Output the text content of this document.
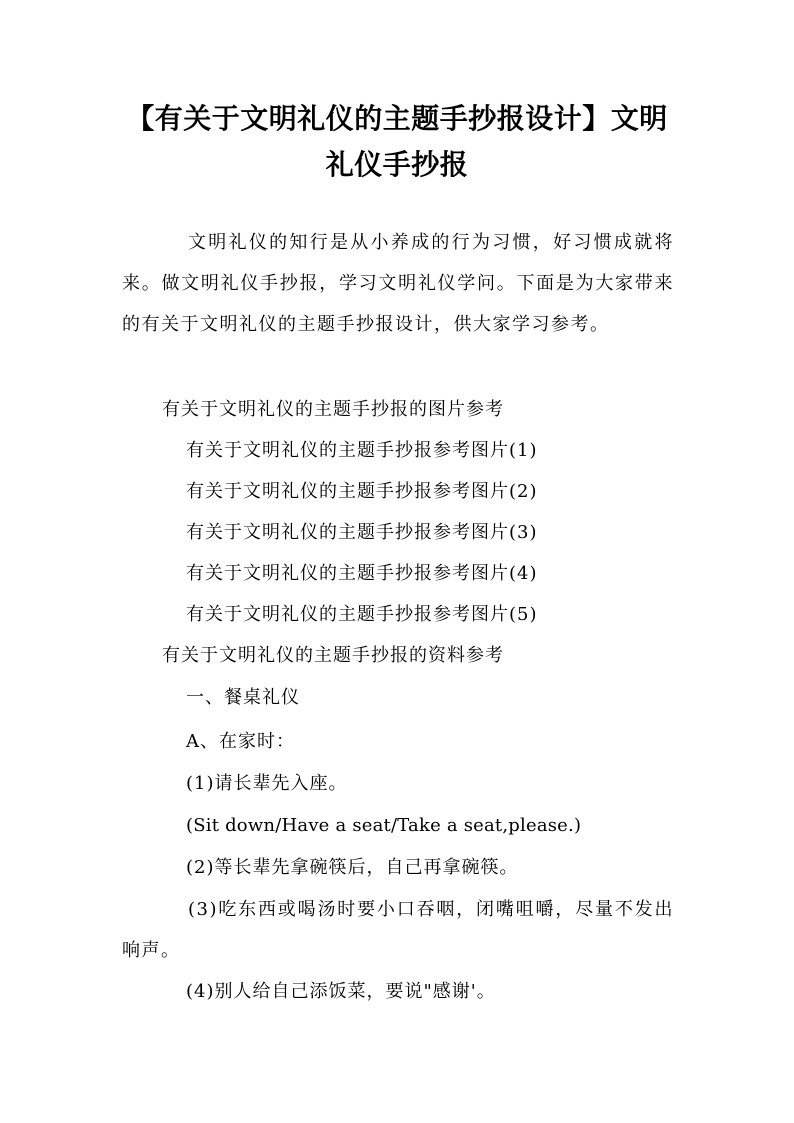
【有关于文明礼仪的主题手抄报设计】文明礼仪手抄报

文明礼仪的知行是从小养成的行为习惯，好习惯成就将来。做文明礼仪手抄报，学习文明礼仪学问。下面是为大家带来的有关于文明礼仪的主题手抄报设计，供大家学习参考。

有关于文明礼仪的主题手抄报的图片参考

有关于文明礼仪的主题手抄报参考图片(1)

有关于文明礼仪的主题手抄报参考图片(2)

有关于文明礼仪的主题手抄报参考图片(3)

有关于文明礼仪的主题手抄报参考图片(4)

有关于文明礼仪的主题手抄报参考图片(5)

有关于文明礼仪的主题手抄报的资料参考

一、餐桌礼仪

A、在家时：

(1)请长辈先入座。

(Sit down/Have a seat/Take a seat,please.)

(2)等长辈先拿碗筷后，自己再拿碗筷。

(3)吃东西或喝汤时要小口吞咽，闭嘴咀嚼，尽量不发出响声。

(4)别人给自己添饭菜，要说"感谢'。
